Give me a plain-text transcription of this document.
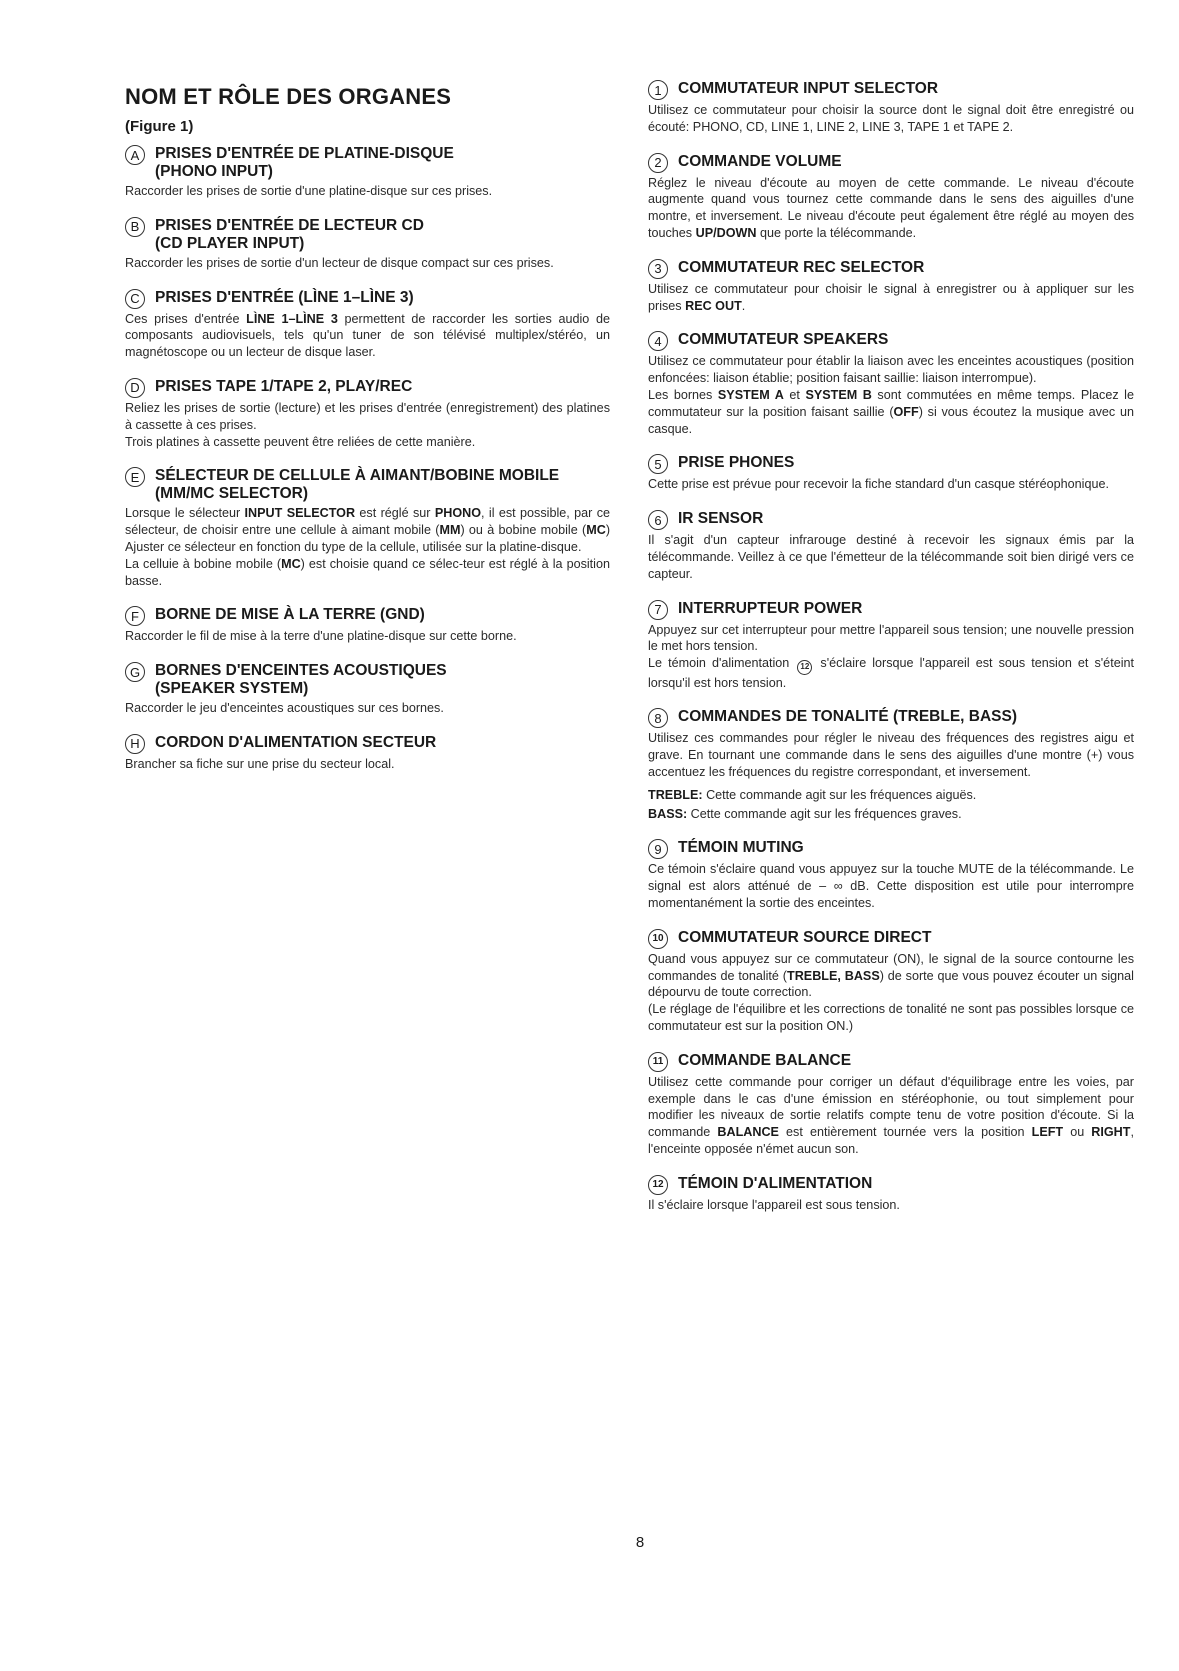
NOM ET RÔLE DES ORGANES
(Figure 1)
A	PRISES D'ENTRÉE DE PLATINE-DISQUE
(PHONO INPUT)

Raccorder les prises de sortie d'une platine-disque sur ces prises.

B	PRISES D'ENTRÉE DE LECTEUR CD
(CD PLAYER INPUT)

Raccorder les prises de sortie d'un lecteur de disque compact sur ces prises.

C PRISES D'ENTRÉE (LÌNE 1–LÌNE 3)

Ces prises d'entrée LÌNE 1–LÌNE 3 permettent de raccorder les sorties audio de composants audiovisuels, tels qu'un tuner de son télévisé multiplex/stéréo, un magnétoscope ou un lecteur de disque laser.

D PRISES TAPE 1/TAPE 2, PLAY/REC

Reliez les prises de sortie (lecture) et les prises d'entrée (enregistrement) des platines à cassette à ces prises.
Trois platines à cassette peuvent être reliées de cette manière.

E	SÉLECTEUR DE CELLULE À AIMANT/BOBINE MOBILE
(MM/MC SELECTOR)

Lorsque le sélecteur INPUT SELECTOR est réglé sur PHONO, il est possible, par ce sélecteur, de choisir entre une cellule à aimant mobile (MM) ou à bobine mobile (MC) Ajuster ce sélecteur en fonction du type de la cellule, utilisée sur la platine-disque.
La celluie à bobine mobile (MC) est choisie quand ce sélec-teur est réglé à la position basse.

F	BORNE DE MISE À LA TERRE (GND)

Raccorder le fil de mise à la terre d'une platine-disque sur cette borne.

G BORNES D'ENCEINTES ACOUSTIQUES
(SPEAKER SYSTEM)

Raccorder le jeu d'enceintes acoustiques sur ces bornes.

H CORDON D'ALIMENTATION SECTEUR

Brancher sa fiche sur une prise du secteur local.

1	COMMUTATEUR INPUT SELECTOR

Utilisez ce commutateur pour choisir la source dont le signal doit être enregistré ou écouté: PHONO, CD, LINE 1, LINE 2, LINE 3, TAPE 1 et TAPE 2.

2	COMMANDE VOLUME

Réglez le niveau d'écoute au moyen de cette commande. Le niveau d'écoute augmente quand vous tournez cette commande dans le sens des aiguilles d'une montre, et inversement. Le niveau d'écoute peut également être réglé au moyen des touches UP/DOWN que porte la télécommande.

3	COMMUTATEUR REC SELECTOR

Utilisez ce commutateur pour choisir le signal à enregistrer ou à appliquer sur les prises REC OUT.

4	COMMUTATEUR SPEAKERS

Utilisez ce commutateur pour établir la liaison avec les enceintes acoustiques (position enfoncées: liaison établie; position faisant saillie: liaison interrompue).
Les bornes SYSTEM A et SYSTEM B sont commutées en même temps. Placez le commutateur sur la position faisant saillie (OFF) si vous écoutez la musique avec un casque.

5	PRISE PHONES

Cette prise est prévue pour recevoir la fiche standard d'un casque stéréophonique.

6	IR SENSOR

Il s'agit d'un capteur infrarouge destiné à recevoir les signaux émis par la télécommande. Veillez à ce que l'émetteur de la télécommande soit bien dirigé vers ce capteur.

7	INTERRUPTEUR POWER

Appuyez sur cet interrupteur pour mettre l'appareil sous tension; une nouvelle pression le met hors tension.
Le témoin d'alimentation 12 s'éclaire lorsque l'appareil est sous tension et s'éteint lorsqu'il est hors tension.

8	COMMANDES DE TONALITÉ (TREBLE, BASS)

Utilisez ces commandes pour régler le niveau des fréquences des registres aigu et grave. En tournant une commande dans le sens des aiguilles d'une montre (+) vous accentuez les fréquences du registre correspondant, et inversement.

TREBLE: Cette commande agit sur les fréquences aiguës.

BASS: Cette commande agit sur les fréquences graves.

9	TÉMOIN MUTING

Ce témoin s'éclaire quand vous appuyez sur la touche MUTE de la télécommande. Le signal est alors atténué de – ∞ dB. Cette disposition est utile pour interrompre momentanément la sortie des enceintes.

10 COMMUTATEUR SOURCE DIRECT

Quand vous appuyez sur ce commutateur (ON), le signal de la source contourne les commandes de tonalité (TREBLE, BASS) de sorte que vous pouvez écouter un signal dépourvu de toute correction.
(Le réglage de l'équilibre et les corrections de tonalité ne sont pas possibles lorsque ce commutateur est sur la position ON.)

11 COMMANDE BALANCE

Utilisez cette commande pour corriger un défaut d'équilibrage entre les voies, par exemple dans le cas d'une émission en stéréophonie, ou tout simplement pour modifier les niveaux de sortie relatifs compte tenu de votre position d'écoute. Si la commande BALANCE est entièrement tournée vers la position LEFT ou RIGHT, l'enceinte opposée n'émet aucun son.

12 TÉMOIN D'ALIMENTATION

Il s'éclaire lorsque l'appareil est sous tension.

8
